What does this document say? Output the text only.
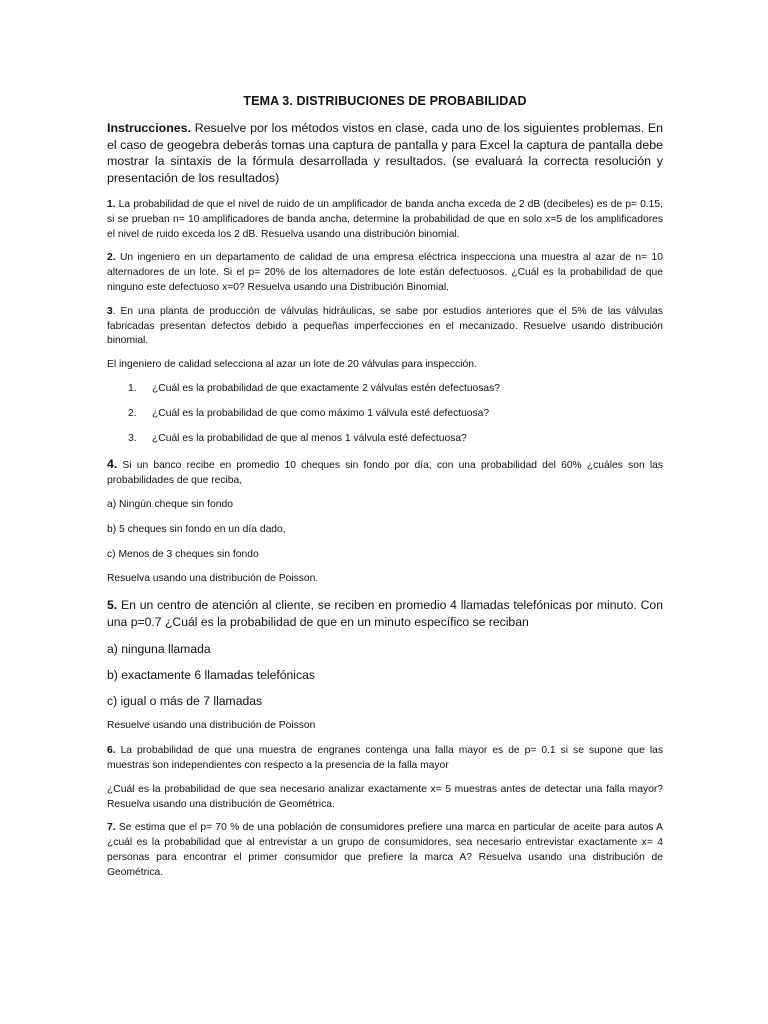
TEMA 3. DISTRIBUCIONES DE PROBABILIDAD

Instrucciones. Resuelve por los métodos vistos en clase, cada uno de los siguientes problemas. En el caso de geogebra deberás tomas una captura de pantalla y para Excel la captura de pantalla debe mostrar la sintaxis de la fórmula desarrollada y resultados. (se evaluará la correcta resolución y presentación de los resultados)

1. La probabilidad de que el nivel de ruido de un amplificador de banda ancha exceda de 2 dB (decibeles) es de p= 0.15, si se prueban n= 10 amplificadores de banda ancha, determine la probabilidad de que en solo x=5 de los amplificadores el nivel de ruido exceda los 2 dB. Resuelva usando una distribución binomial.

2. Un ingeniero en un departamento de calidad de una empresa eléctrica inspecciona una muestra al azar de n= 10 alternadores de un lote. Si el p= 20% de los alternadores de lote están defectuosos. ¿Cuál es la probabilidad de que ninguno este defectuoso x=0? Resuelva usando una Distribución Binomial.

3. En una planta de producción de válvulas hidráulicas, se sabe por estudios anteriores que el 5% de las válvulas fabricadas presentan defectos debido a pequeñas imperfecciones en el mecanizado. Resuelve usando distribución binomial.

El ingeniero de calidad selecciona al azar un lote de 20 válvulas para inspección.

1.	¿Cuál es la probabilidad de que exactamente 2 válvulas estén defectuosas?
2.	¿Cuál es la probabilidad de que como máximo 1 válvula esté defectuosa?
3.	¿Cuál es la probabilidad de que al menos 1 válvula esté defectuosa?

4. Si un banco recibe en promedio 10 cheques sin fondo por día, con una probabilidad del 60% ¿cuáles son las probabilidades de que reciba,

a) Ningún cheque sin fondo

b) 5 cheques sin fondo en un día dado,

c) Menos de 3 cheques sin fondo

Resuelva usando una distribución de Poisson.

5. En un centro de atención al cliente, se reciben en promedio 4 llamadas telefónicas por minuto. Con una p=0.7 ¿Cuál es la probabilidad de que en un minuto específico se reciban

a) ninguna llamada

b) exactamente 6 llamadas telefónicas

c) igual o más de 7 llamadas

Resuelve usando una distribución de Poisson

6. La probabilidad de que una muestra de engranes contenga una falla mayor es de p= 0.1 si se supone que las muestras son independientes con respecto a la presencia de la falla mayor

¿Cuál es la probabilidad de que sea necesario analizar exactamente x= 5 muestras antes de detectar una falla mayor? Resuelva usando una distribución de Geométrica.

7. Se estima que el p= 70 % de una población de consumidores prefiere una marca en particular de aceite para autos A ¿cuál es la probabilidad que al entrevistar a un grupo de consumidores, sea necesario entrevistar exactamente x= 4 personas para encontrar el primer consumidor que prefiere la marca A? Resuelva usando una distribución de Geométrica.
